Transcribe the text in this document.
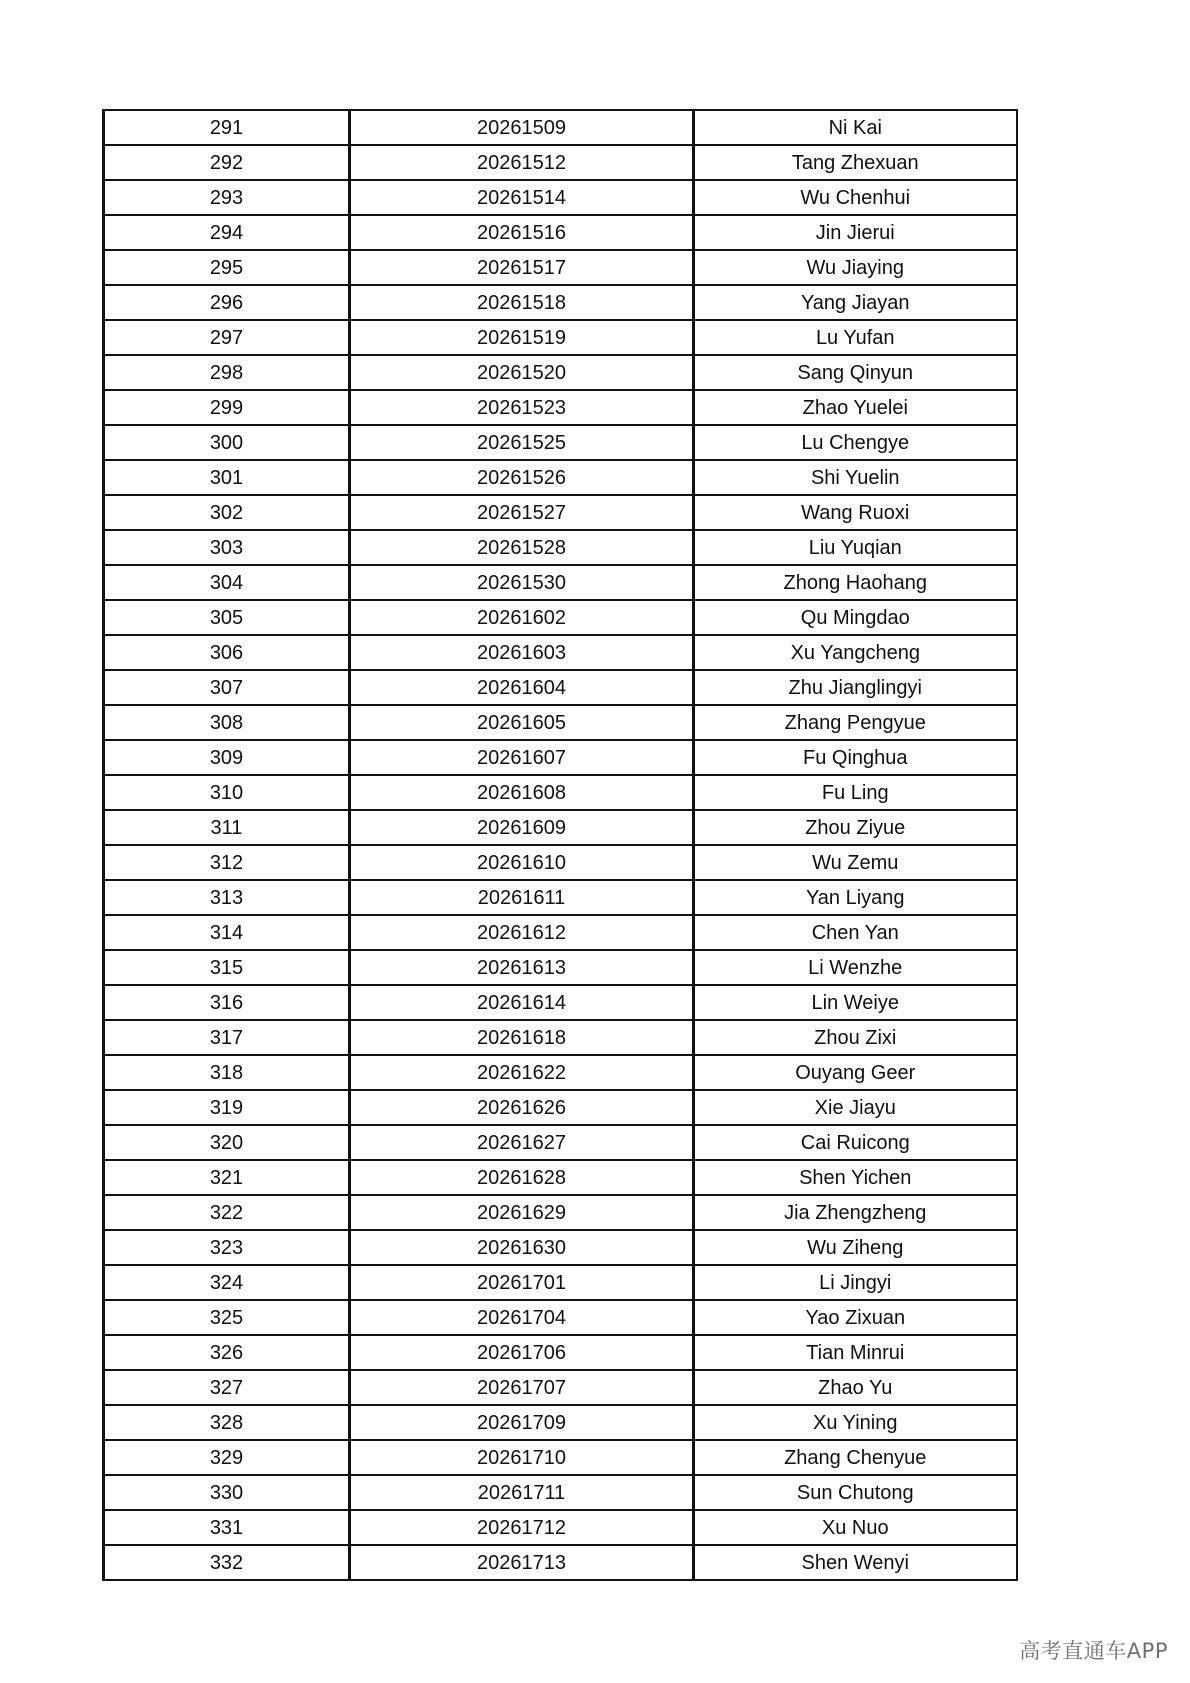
291	20261509	Ni Kai
292	20261512	Tang Zhexuan
293	20261514	Wu Chenhui
294	20261516	Jin Jierui
295	20261517	Wu Jiaying
296	20261518	Yang Jiayan
297	20261519	Lu Yufan
298	20261520	Sang Qinyun
299	20261523	Zhao Yuelei
300	20261525	Lu Chengye
301	20261526	Shi Yuelin
302	20261527	Wang Ruoxi
303	20261528	Liu Yuqian
304	20261530	Zhong Haohang
305	20261602	Qu Mingdao
306	20261603	Xu Yangcheng
307	20261604	Zhu Jianglingyi
308	20261605	Zhang Pengyue
309	20261607	Fu Qinghua
310	20261608	Fu Ling
311	20261609	Zhou Ziyue
312	20261610	Wu Zemu
313	20261611	Yan Liyang
314	20261612	Chen Yan
315	20261613	Li Wenzhe
316	20261614	Lin Weiye
317	20261618	Zhou Zixi
318	20261622	Ouyang Geer
319	20261626	Xie Jiayu
320	20261627	Cai Ruicong
321	20261628	Shen Yichen
322	20261629	Jia Zhengzheng
323	20261630	Wu Ziheng
324	20261701	Li Jingyi
325	20261704	Yao Zixuan
326	20261706	Tian Minrui
327	20261707	Zhao Yu
328	20261709	Xu Yining
329	20261710	Zhang Chenyue
330	20261711	Sun Chutong
331	20261712	Xu Nuo
332	20261713	Shen Wenyi
高考直通车APP
